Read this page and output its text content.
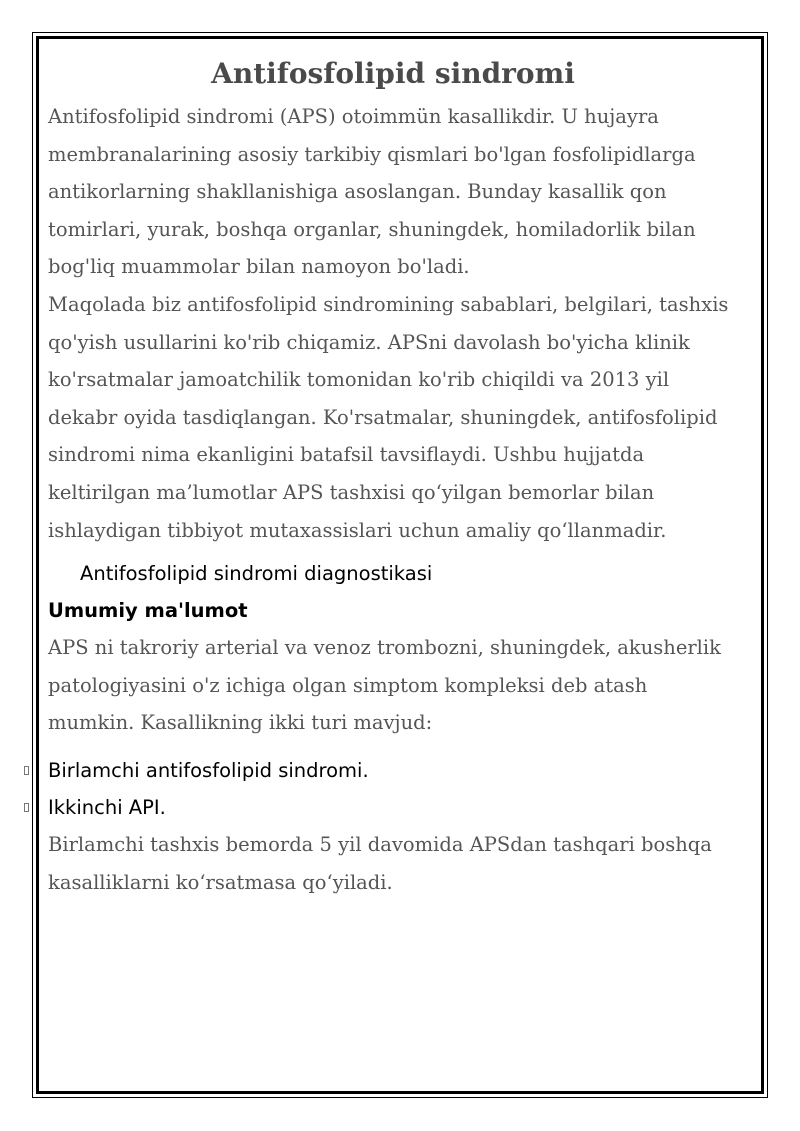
Antifosfolipid sindromi

Antifosfolipid sindromi (APS) otoimmün kasallikdir. U hujayra membranalarining asosiy tarkibiy qismlari bo'lgan fosfolipidlarga antikorlarning shakllanishiga asoslangan. Bunday kasallik qon tomirlari, yurak, boshqa organlar, shuningdek, homiladorlik bilan bog'liq muammolar bilan namoyon bo'ladi.

Maqolada biz antifosfolipid sindromining sabablari, belgilari, tashxis qo'yish usullarini ko'rib chiqamiz. APSni davolash bo'yicha klinik ko'rsatmalar jamoatchilik tomonidan ko'rib chiqildi va 2013 yil dekabr oyida tasdiqlangan. Ko'rsatmalar, shuningdek, antifosfolipid sindromi nima ekanligini batafsil tavsiflaydi. Ushbu hujjatda keltirilgan ma’lumotlar APS tashxisi qo‘yilgan bemorlar bilan ishlaydigan tibbiyot mutaxassislari uchun amaliy qo‘llanmadir.

Antifosfolipid sindromi diagnostikasi

Umumiy ma'lumot

APS ni takroriy arterial va venoz trombozni, shuningdek, akusherlik patologiyasini o'z ichiga olgan simptom kompleksi deb atash mumkin. Kasallikning ikki turi mavjud:

Birlamchi antifosfolipid sindromi.
Ikkinchi API.

Birlamchi tashxis bemorda 5 yil davomida APSdan tashqari boshqa kasalliklarni ko‘rsatmasa qo‘yiladi.
